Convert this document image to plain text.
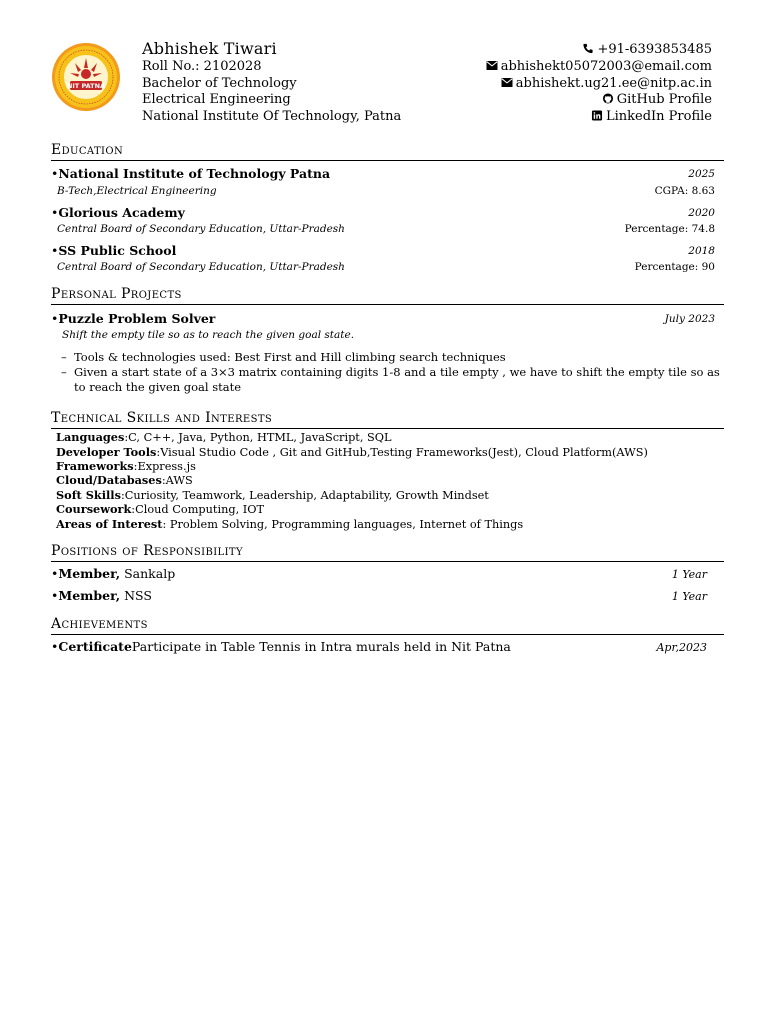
NIT PATNA
Abhishek Tiwari
Roll No.: 2102028
Bachelor of Technology
Electrical Engineering
National Institute Of Technology, Patna
+91-6393853485
abhishekt05072003@email.com
abhishekt.ug21.ee@nitp.ac.in
GitHub Profile
LinkedIn Profile
Education
•National Institute of Technology Patna	2025
B-Tech,Electrical Engineering	CGPA: 8.63
•Glorious Academy	2020
Central Board of Secondary Education, Uttar-Pradesh	Percentage: 74.8
•SS Public School	2018
Central Board of Secondary Education, Uttar-Pradesh	Percentage: 90
Personal Projects
•Puzzle Problem Solver	July 2023
Shift the empty tile so as to reach the given goal state.
– Tools & technologies used: Best First and Hill climbing search techniques
– Given a start state of a 3×3 matrix containing digits 1-8 and a tile empty , we have to shift the empty tile so as
to reach the given goal state
Technical Skills and Interests
Languages:C, C++, Java, Python, HTML, JavaScript, SQL
Developer Tools:Visual Studio Code , Git and GitHub,Testing Frameworks(Jest), Cloud Platform(AWS)
Frameworks:Express.js
Cloud/Databases:AWS
Soft Skills:Curiosity, Teamwork, Leadership, Adaptability, Growth Mindset
Coursework:Cloud Computing, IOT
Areas of Interest: Problem Solving, Programming languages, Internet of Things
Positions of Responsibility
•Member, Sankalp	1 Year
•Member, NSS	1 Year
Achievements
•CertificateParticipate in Table Tennis in Intra murals held in Nit Patna	Apr,2023
